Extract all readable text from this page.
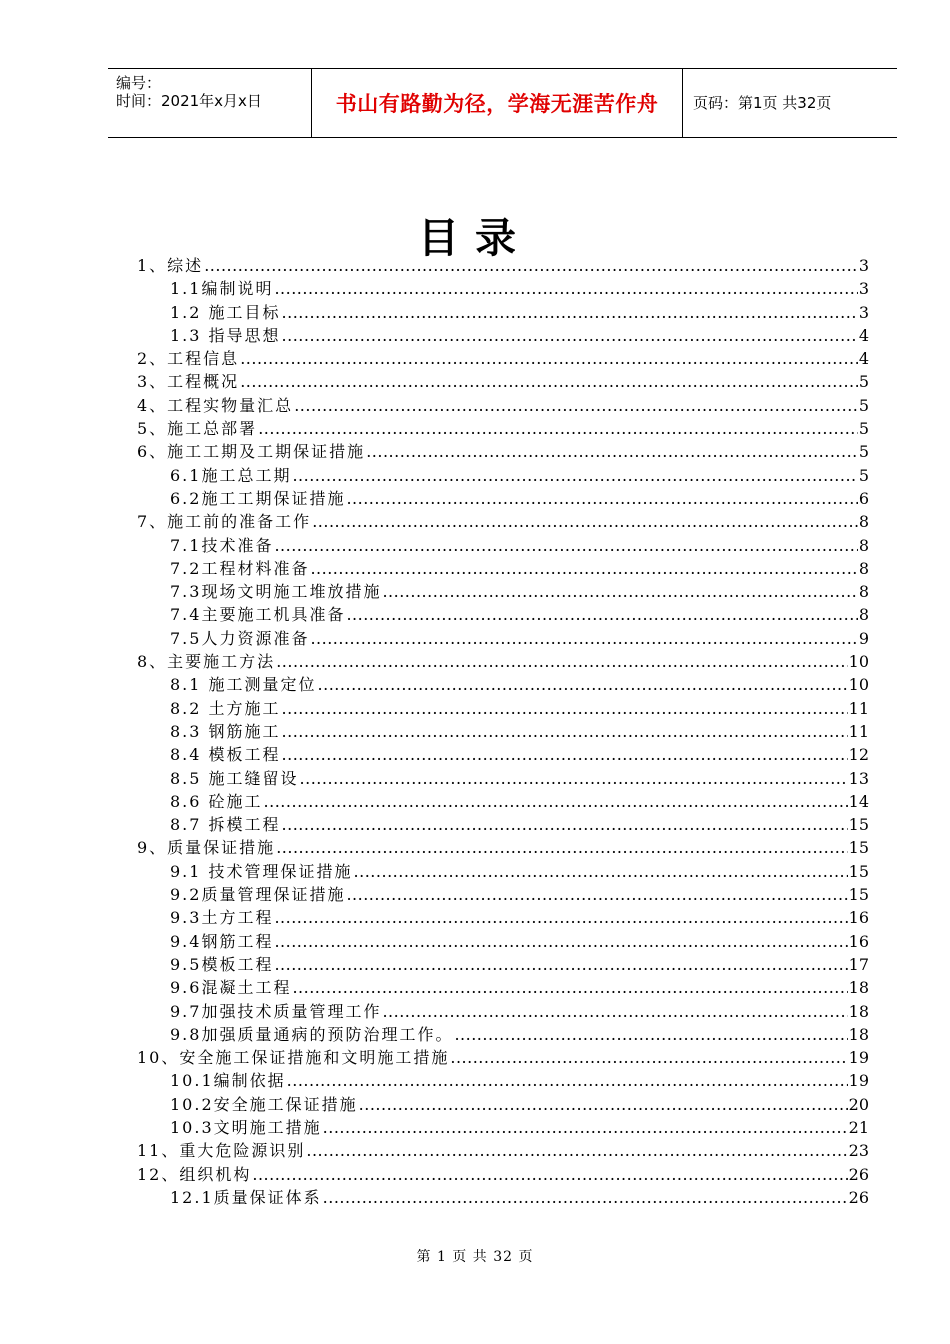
编号：
时间：2021年x月x日	书山有路勤为径，学海无涯苦作舟 页码：第1页 共32页
目录
1、综述 .....	3
1.1编制说明 .....	3
1.2 施工目标 .....	3
1.3 指导思想 .....	4
2、工程信息 .....	4
3、工程概况 .....	5
4、工程实物量汇总 .....	5
5、施工总部署 .....	5
6、施工工期及工期保证措施 .....	5
6.1施工总工期 .....	5
6.2施工工期保证措施 .....	6
7、施工前的准备工作 .....	8
7.1技术准备 .....	8
7.2工程材料准备 .....	8
7.3现场文明施工堆放措施 .....	8
7.4主要施工机具准备 .....	8
7.5人力资源准备 .....	9
8、主要施工方法 .....	10
8.1 施工测量定位 .....	10
8.2 土方施工 .....	11
8.3 钢筋施工 .....	11
8.4 模板工程 .....	12
8.5 施工缝留设 .....	13
8.6 砼施工 .....	14
8.7 拆模工程 .....	15
9、质量保证措施 .....	15
9.1 技术管理保证措施 .....	15
9.2质量管理保证措施 .....	15
9.3土方工程 .....	16
9.4钢筋工程 .....	16
9.5模板工程 .....	17
9.6混凝土工程 .....	18
9.7加强技术质量管理工作 .....	18
9.8加强质量通病的预防治理工作。 .....	18
10、安全施工保证措施和文明施工措施 .....	19
10.1编制依据 .....	19
10.2安全施工保证措施 .....	20
10.3文明施工措施 .....	21
11、重大危险源识别 .....	23
12、组织机构 .....	26
12.1质量保证体系 .....	26
第 1 页 共 32 页
